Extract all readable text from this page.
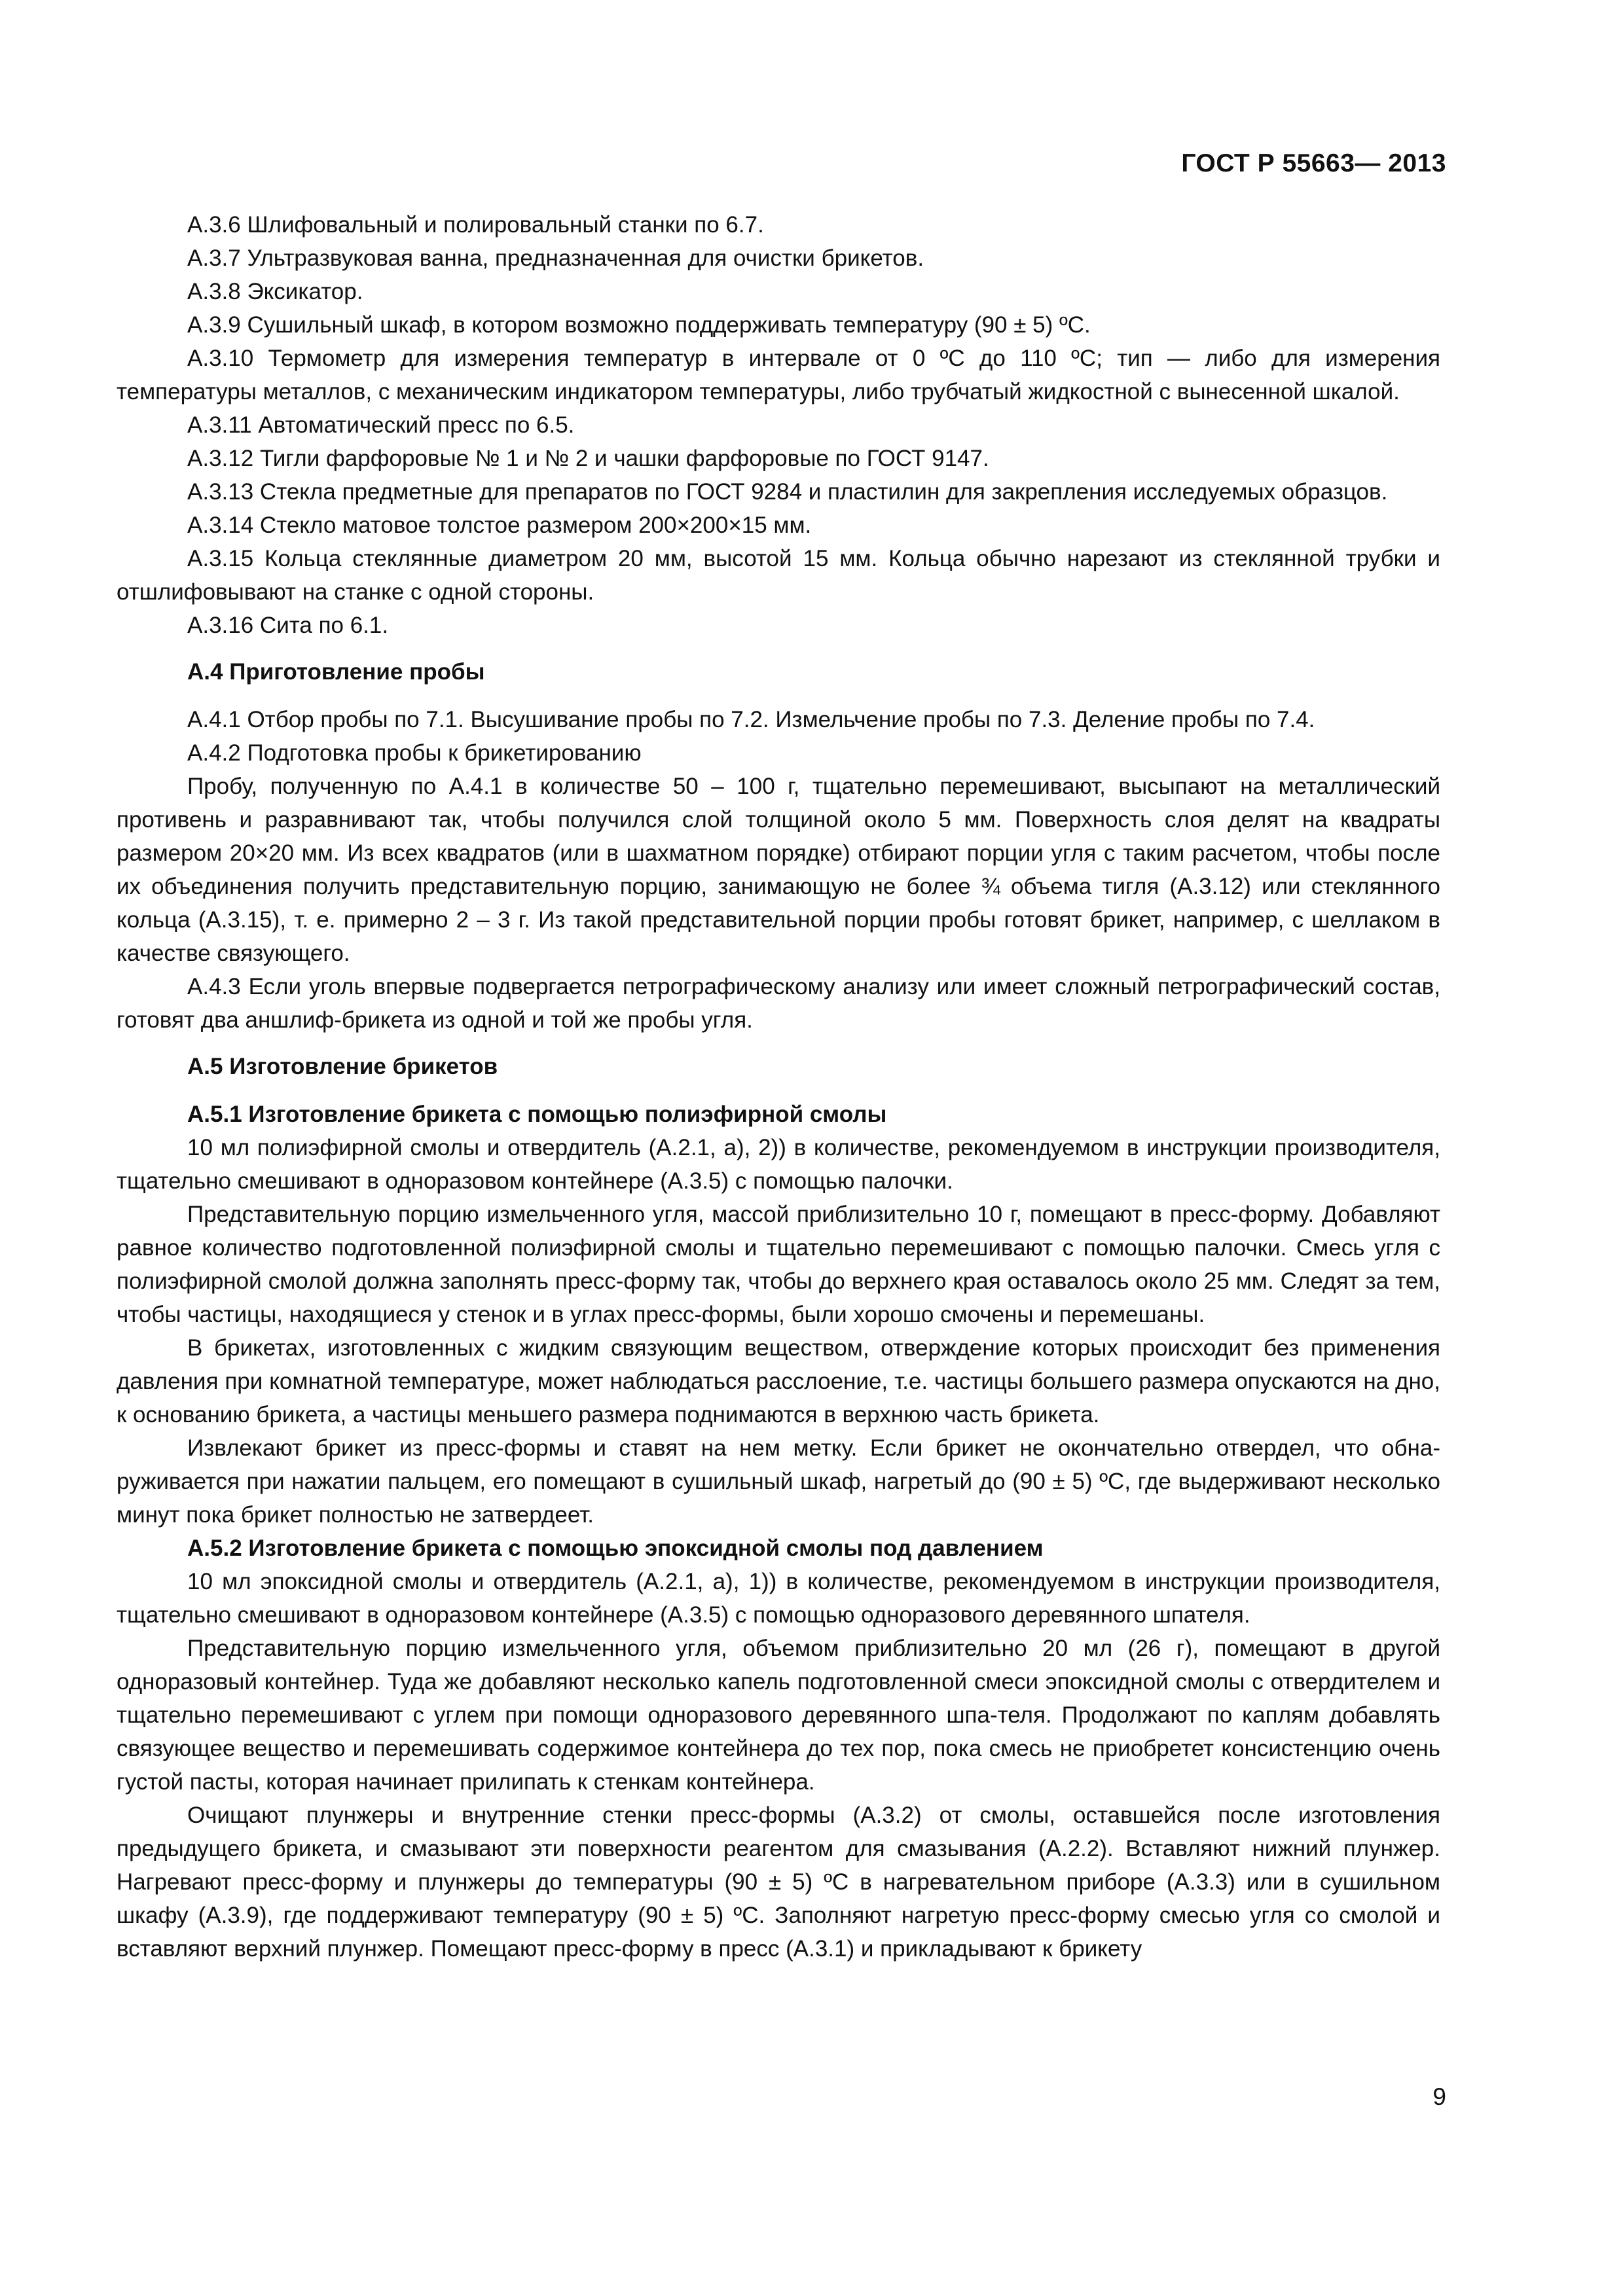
ГОСТ Р 55663— 2013

А.3.6 Шлифовальный и полировальный станки по 6.7.

А.3.7 Ультразвуковая ванна, предназначенная для очистки брикетов.

А.3.8 Эксикатор.

А.3.9 Сушильный шкаф, в котором возможно поддерживать температуру (90 ± 5) ºС.

А.3.10 Термометр для измерения температур в интервале от 0 ºС до 110 ºС; тип — либо для измерения температуры металлов, с механическим индикатором температуры, либо трубчатый жидкостной с вынесенной шкалой.

А.3.11 Автоматический пресс по 6.5.

А.3.12 Тигли фарфоровые № 1 и № 2 и чашки фарфоровые по ГОСТ 9147.

А.3.13 Стекла предметные для препаратов по ГОСТ 9284 и пластилин для закрепления исследуемых образцов.

А.3.14 Стекло матовое толстое размером 200×200×15 мм.

А.3.15 Кольца стеклянные диаметром 20 мм, высотой 15 мм. Кольца обычно нарезают из стеклянной трубки и отшлифовывают на станке с одной стороны.

А.3.16 Сита по 6.1.

А.4 Приготовление пробы

А.4.1 Отбор пробы по 7.1. Высушивание пробы по 7.2. Измельчение пробы по 7.3. Деление пробы по 7.4.

А.4.2 Подготовка пробы к брикетированию

Пробу, полученную по А.4.1 в количестве 50 – 100 г, тщательно перемешивают, высыпают на металлический противень и разравнивают так, чтобы получился слой толщиной около 5 мм. Поверхность слоя делят на квадраты размером 20×20 мм. Из всех квадратов (или в шахматном порядке) отбирают порции угля с таким расчетом, чтобы после их объединения получить представительную порцию, занимающую не более ¾ объема тигля (А.3.12) или стеклянного кольца (А.3.15), т. е. примерно 2 – 3 г. Из такой представительной порции пробы готовят брикет, например, с шеллаком в качестве связующего.

А.4.3 Если уголь впервые подвергается петрографическому анализу или имеет сложный петрографический состав, готовят два аншлиф-брикета из одной и той же пробы угля.

А.5 Изготовление брикетов

А.5.1 Изготовление брикета с помощью полиэфирной смолы

10 мл полиэфирной смолы и отвердитель (А.2.1, а), 2)) в количестве, рекомендуемом в инструкции производителя, тщательно смешивают в одноразовом контейнере (А.3.5) с помощью палочки.

Представительную порцию измельченного угля, массой приблизительно 10 г, помещают в пресс-форму. Добавляют равное количество подготовленной полиэфирной смолы и тщательно перемешивают с помощью палочки. Смесь угля с полиэфирной смолой должна заполнять пресс-форму так, чтобы до верхнего края оставалось около 25 мм. Следят за тем, чтобы частицы, находящиеся у стенок и в углах пресс-формы, были хорошо смочены и перемешаны.

В брикетах, изготовленных с жидким связующим веществом, отверждение которых происходит без применения давления при комнатной температуре, может наблюдаться расслоение, т.е. частицы большего размера опускаются на дно, к основанию брикета, а частицы меньшего размера поднимаются в верхнюю часть брикета.

Извлекают брикет из пресс-формы и ставят на нем метку. Если брикет не окончательно отвердел, что обнаруживается при нажатии пальцем, его помещают в сушильный шкаф, нагретый до (90 ± 5) ºС, где выдерживают несколько минут пока брикет полностью не затвердеет.

А.5.2 Изготовление брикета с помощью эпоксидной смолы под давлением

10 мл эпоксидной смолы и отвердитель (А.2.1, а), 1)) в количестве, рекомендуемом в инструкции производителя, тщательно смешивают в одноразовом контейнере (А.3.5) с помощью одноразового деревянного шпателя.

Представительную порцию измельченного угля, объемом приблизительно 20 мл (26 г), помещают в другой одноразовый контейнер. Туда же добавляют несколько капель подготовленной смеси эпоксидной смолы с отвердителем и тщательно перемешивают с углем при помощи одноразового деревянного шпа-теля. Продолжают по каплям добавлять связующее вещество и перемешивать содержимое контейнера до тех пор, пока смесь не приобретет консистенцию очень густой пасты, которая начинает прилипать к стенкам контейнера.

Очищают плунжеры и внутренние стенки пресс-формы (А.3.2) от смолы, оставшейся после изготовления предыдущего брикета, и смазывают эти поверхности реагентом для смазывания (А.2.2). Вставляют нижний плунжер. Нагревают пресс-форму и плунжеры до температуры (90 ± 5) ºС в нагревательном приборе (А.3.3) или в сушильном шкафу (А.3.9), где поддерживают температуру (90 ± 5) ºС. Заполняют нагретую пресс-форму смесью угля со смолой и вставляют верхний плунжер. Помещают пресс-форму в пресс (А.3.1) и прикладывают к брикету

9
